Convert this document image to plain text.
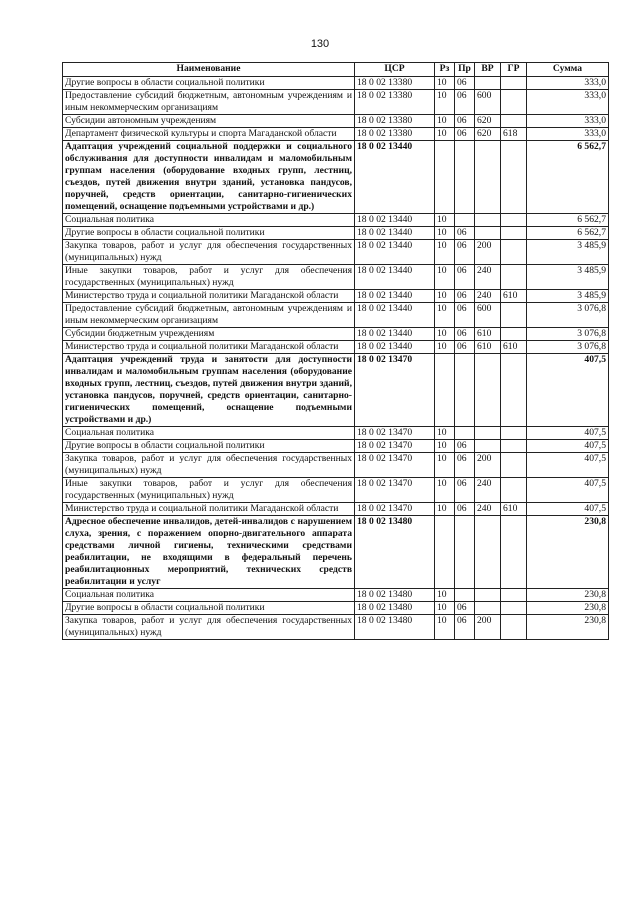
130
Наименование	ЦСР	Рз	Пр	ВР	ГР	Сумма
Другие вопросы в области социальной политики	18 0 02 13380	10	06			333,0
Предоставление субсидий бюджетным, автономным учреждениям и иным некоммерческим организациям	18 0 02 13380	10	06	600		333,0
Субсидии автономным учреждениям	18 0 02 13380	10	06	620		333,0
Департамент физической культуры и спорта Магаданской области	18 0 02 13380	10	06	620	618	333,0
Адаптация учреждений социальной поддержки и социального обслуживания для доступности инвалидам и маломобильным группам населения (оборудование входных групп, лестниц, съездов, путей движения внутри зданий, установка пандусов, поручней, средств ориентации, санитарно-гигиенических помещений, оснащение подъемными устройствами и др.)	18 0 02 13440					6 562,7
Социальная политика	18 0 02 13440	10				6 562,7
Другие вопросы в области социальной политики	18 0 02 13440	10	06			6 562,7
Закупка товаров, работ и услуг для обеспечения государственных (муниципальных) нужд	18 0 02 13440	10	06	200		3 485,9
Иные закупки товаров, работ и услуг для обеспечения государственных (муниципальных) нужд	18 0 02 13440	10	06	240		3 485,9
Министерство труда и социальной политики Магаданской области	18 0 02 13440	10	06	240	610	3 485,9
Предоставление субсидий бюджетным, автономным учреждениям и иным некоммерческим организациям	18 0 02 13440	10	06	600		3 076,8
Субсидии бюджетным учреждениям	18 0 02 13440	10	06	610		3 076,8
Министерство труда и социальной политики Магаданской области	18 0 02 13440	10	06	610	610	3 076,8
Адаптация учреждений труда и занятости для доступности инвалидам и маломобильным группам населения (оборудование входных групп, лестниц, съездов, путей движения внутри зданий, установка пандусов, поручней, средств ориентации, санитарно-гигиенических помещений, оснащение подъемными устройствами и др.)	18 0 02 13470					407,5
Социальная политика	18 0 02 13470	10				407,5
Другие вопросы в области социальной политики	18 0 02 13470	10	06			407,5
Закупка товаров, работ и услуг для обеспечения государственных (муниципальных) нужд	18 0 02 13470	10	06	200		407,5
Иные закупки товаров, работ и услуг для обеспечения государственных (муниципальных) нужд	18 0 02 13470	10	06	240		407,5
Министерство труда и социальной политики Магаданской области	18 0 02 13470	10	06	240	610	407,5
Адресное обеспечение инвалидов, детей-инвалидов с нарушением слуха, зрения, с поражением опорно-двигательного аппарата средствами личной гигиены, техническими средствами реабилитации, не входящими в федеральный перечень реабилитационных мероприятий, технических средств реабилитации и услуг	18 0 02 13480					230,8
Социальная политика	18 0 02 13480	10				230,8
Другие вопросы в области социальной политики	18 0 02 13480	10	06			230,8
Закупка товаров, работ и услуг для обеспечения государственных (муниципальных) нужд	18 0 02 13480	10	06	200		230,8
